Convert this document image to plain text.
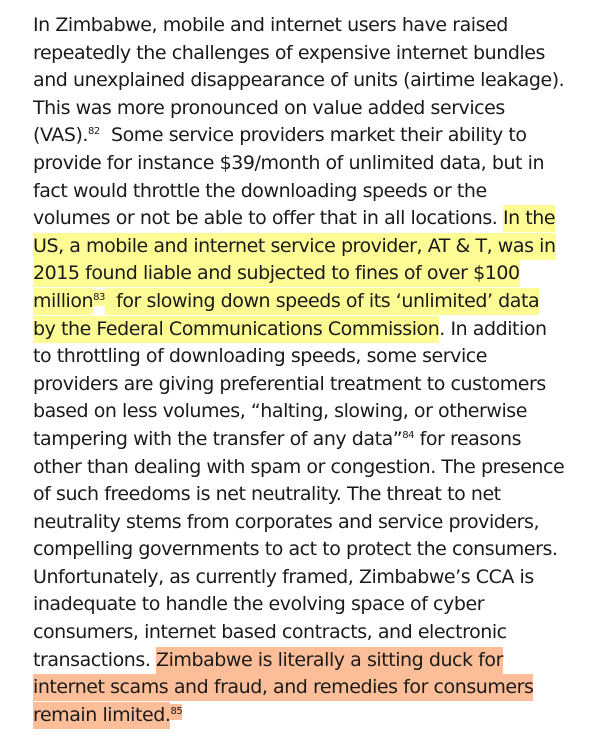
In Zimbabwe, mobile and internet users have raised
repeatedly the challenges of expensive internet bundles
and unexplained disappearance of units (airtime leakage).
This was more pronounced on value added services
(VAS).$^{82}$  Some service providers market their ability to
provide for instance $39/month of unlimited data, but in
fact would throttle the downloading speeds or the
volumes or not be able to offer that in all locations. In the
US, a mobile and internet service provider, AT & T, was in
2015 found liable and subjected to fines of over $100
million$^{83}$  for slowing down speeds of its ‘unlimited’ data
by the Federal Communications Commission. In addition
to throttling of downloading speeds, some service
providers are giving preferential treatment to customers
based on less volumes, “halting, slowing, or otherwise
tampering with the transfer of any data”$^{84}$ for reasons
other than dealing with spam or congestion. The presence
of such freedoms is net neutrality. The threat to net
neutrality stems from corporates and service providers,
compelling governments to act to protect the consumers.
Unfortunately, as currently framed, Zimbabwe’s CCA is
inadequate to handle the evolving space of cyber
consumers, internet based contracts, and electronic
transactions. Zimbabwe is literally a sitting duck for
internet scams and fraud, and remedies for consumers
remain limited.$^{85}$
